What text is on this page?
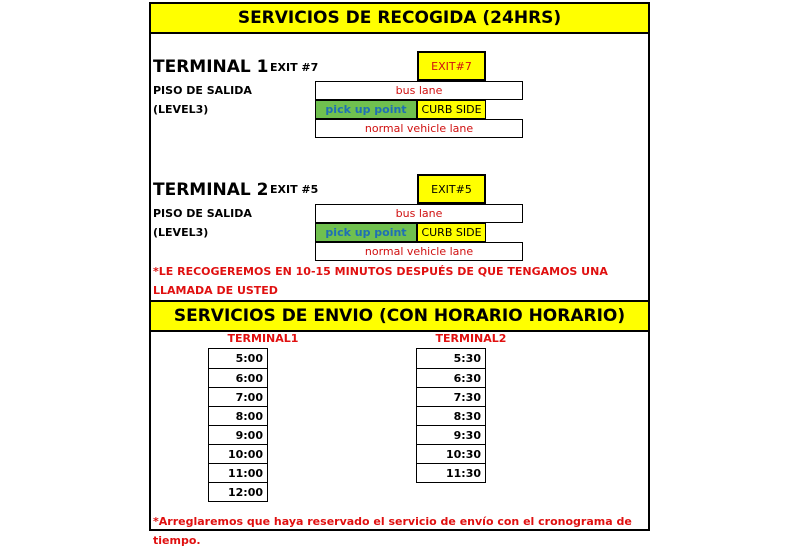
SERVICIOS DE RECOGIDA (24HRS)
TERMINAL 1 EXIT #7
PISO DE SALIDA
(LEVEL3)
EXIT#7
bus lane
pick up point	CURB SIDE
normal vehicle lane
TERMINAL 2 EXIT #5
PISO DE SALIDA
(LEVEL3)
EXIT#5
bus lane
pick up point	CURB SIDE
normal vehicle lane
*LE RECOGEREMOS EN 10-15 MINUTOS DESPUÉS DE QUE TENGAMOS UNA
LLAMADA DE USTED
SERVICIOS DE ENVIO (CON HORARIO HORARIO)
TERMINAL1
5:00
6:00
7:00
8:00
9:00
10:00
11:00
12:00
TERMINAL2
5:30
6:30
7:30
8:30
9:30
10:30
11:30
*Arreglaremos que haya reservado el servicio de envío con el cronograma de tiempo.
